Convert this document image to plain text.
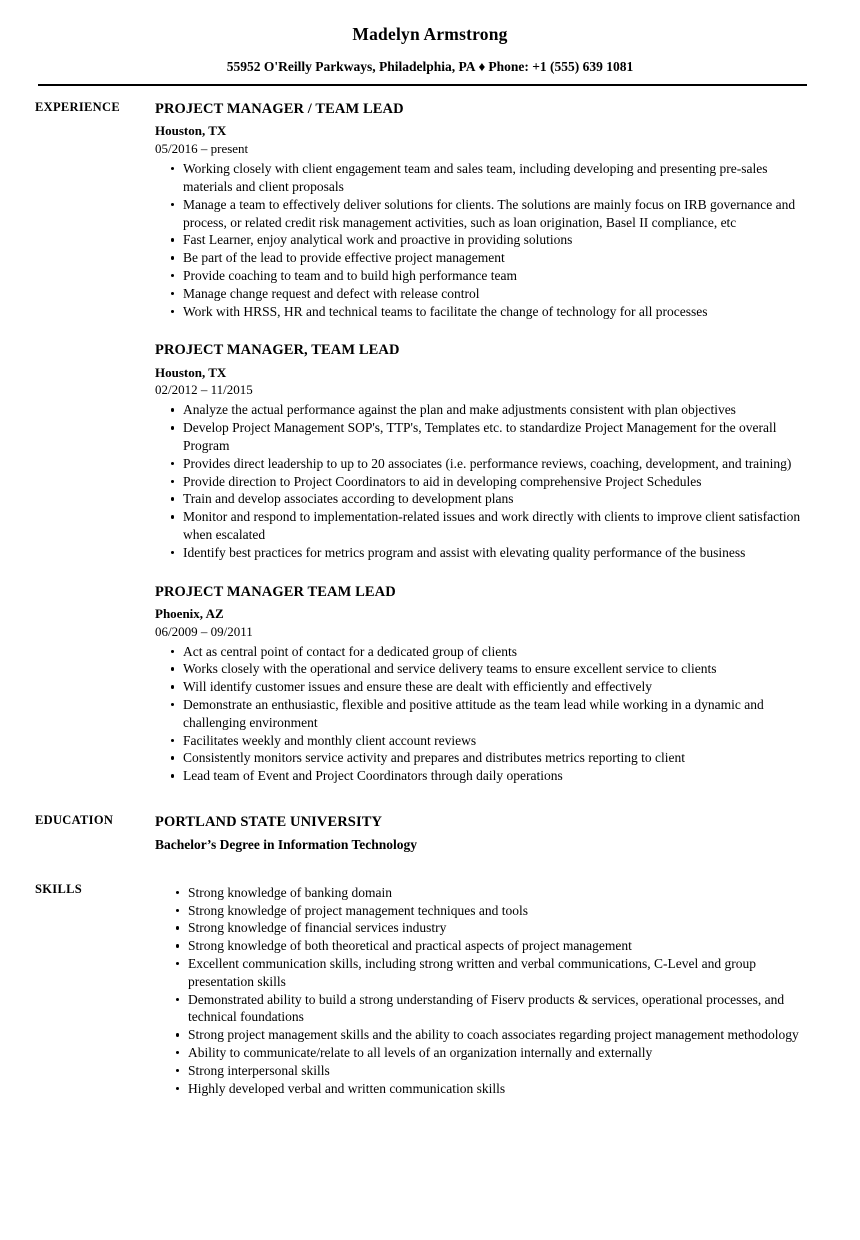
Madelyn Armstrong
55952 O'Reilly Parkways, Philadelphia, PA ♦ Phone: +1 (555) 639 1081
EXPERIENCE	PROJECT MANAGER / TEAM LEAD
Houston, TX
05/2016 – present
Working closely with client engagement team and sales team, including developing and presenting pre-sales materials and client proposals
Manage a team to effectively deliver solutions for clients. The solutions are mainly focus on IRB governance and process, or related credit risk management activities, such as loan origination, Basel II compliance, etc
Fast Learner, enjoy analytical work and proactive in providing solutions
Be part of the lead to provide effective project management
Provide coaching to team and to build high performance team
Manage change request and defect with release control
Work with HRSS, HR and technical teams to facilitate the change of technology for all processes
PROJECT MANAGER, TEAM LEAD
Houston, TX
02/2012 – 11/2015
Analyze the actual performance against the plan and make adjustments consistent with plan objectives
Develop Project Management SOP's, TTP's, Templates etc. to standardize Project Management for the overall Program
Provides direct leadership to up to 20 associates (i.e. performance reviews, coaching, development, and training)
Provide direction to Project Coordinators to aid in developing comprehensive Project Schedules
Train and develop associates according to development plans
Monitor and respond to implementation-related issues and work directly with clients to improve client satisfaction when escalated
Identify best practices for metrics program and assist with elevating quality performance of the business
PROJECT MANAGER TEAM LEAD
Phoenix, AZ
06/2009 – 09/2011
Act as central point of contact for a dedicated group of clients
Works closely with the operational and service delivery teams to ensure excellent service to clients
Will identify customer issues and ensure these are dealt with efficiently and effectively
Demonstrate an enthusiastic, flexible and positive attitude as the team lead while working in a dynamic and challenging environment
Facilitates weekly and monthly client account reviews
Consistently monitors service activity and prepares and distributes metrics reporting to client
Lead team of Event and Project Coordinators through daily operations
EDUCATION	PORTLAND STATE UNIVERSITY
Bachelor’s Degree in Information Technology
SKILLS	Strong knowledge of banking domain
Strong knowledge of project management techniques and tools
Strong knowledge of financial services industry
Strong knowledge of both theoretical and practical aspects of project management
Excellent communication skills, including strong written and verbal communications, C-Level and group presentation skills
Demonstrated ability to build a strong understanding of Fiserv products & services, operational processes, and technical foundations
Strong project management skills and the ability to coach associates regarding project management methodology
Ability to communicate/relate to all levels of an organization internally and externally
Strong interpersonal skills
Highly developed verbal and written communication skills
